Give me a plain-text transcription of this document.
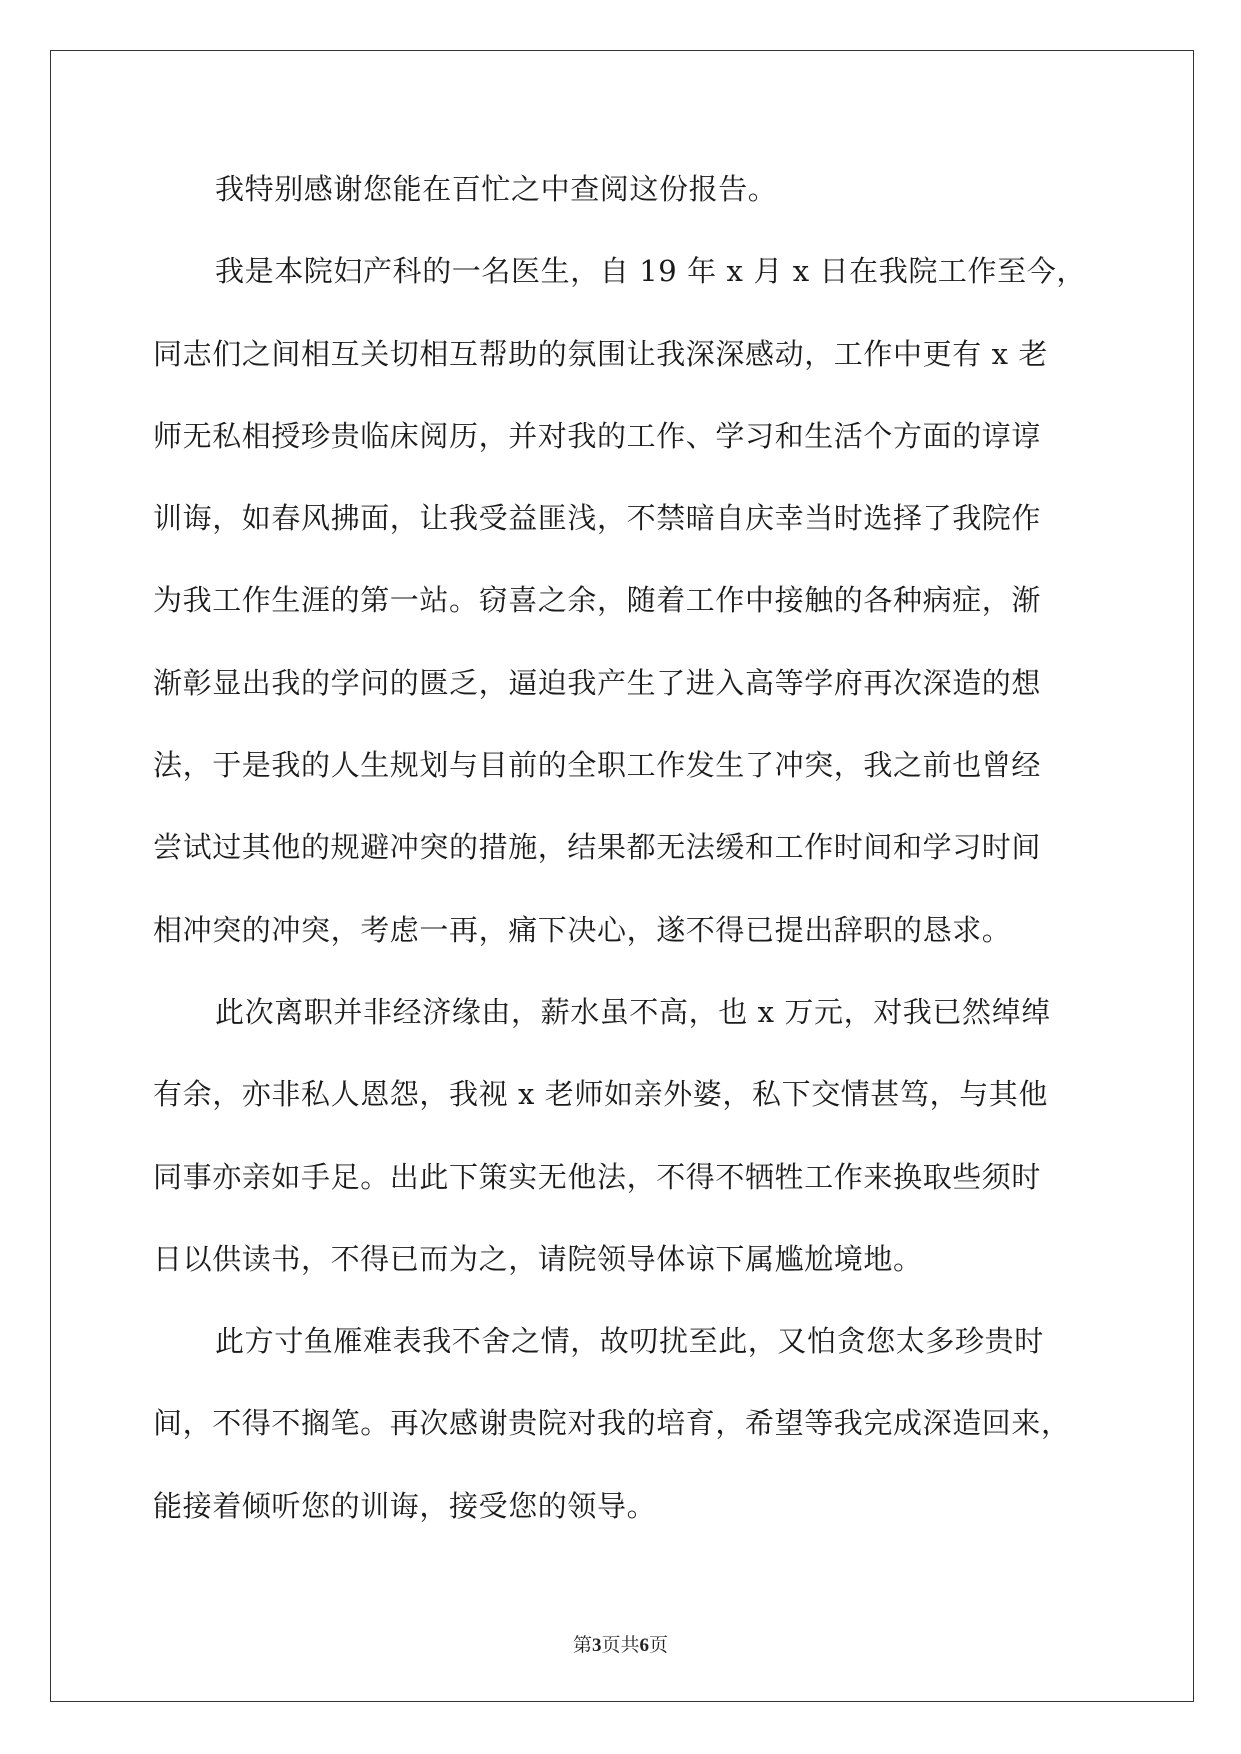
我特别感谢您能在百忙之中查阅这份报告。
我是本院妇产科的一名医生，自 19 年 x 月 x 日在我院工作至今，
同志们之间相互关切相互帮助的氛围让我深深感动，工作中更有 x 老
师无私相授珍贵临床阅历，并对我的工作、学习和生活个方面的谆谆
训诲，如春风拂面，让我受益匪浅，不禁暗自庆幸当时选择了我院作
为我工作生涯的第一站。窃喜之余，随着工作中接触的各种病症，渐
渐彰显出我的学问的匮乏，逼迫我产生了进入高等学府再次深造的想
法，于是我的人生规划与目前的全职工作发生了冲突，我之前也曾经
尝试过其他的规避冲突的措施，结果都无法缓和工作时间和学习时间
相冲突的冲突，考虑一再，痛下决心，遂不得已提出辞职的恳求。
此次离职并非经济缘由，薪水虽不高，也 x 万元，对我已然绰绰
有余，亦非私人恩怨，我视 x 老师如亲外婆，私下交情甚笃，与其他
同事亦亲如手足。出此下策实无他法，不得不牺牲工作来换取些须时
日以供读书，不得已而为之，请院领导体谅下属尴尬境地。
此方寸鱼雁难表我不舍之情，故叨扰至此，又怕贪您太多珍贵时
间，不得不搁笔。再次感谢贵院对我的培育，希望等我完成深造回来，
能接着倾听您的训诲，接受您的领导。
第3页共6页
